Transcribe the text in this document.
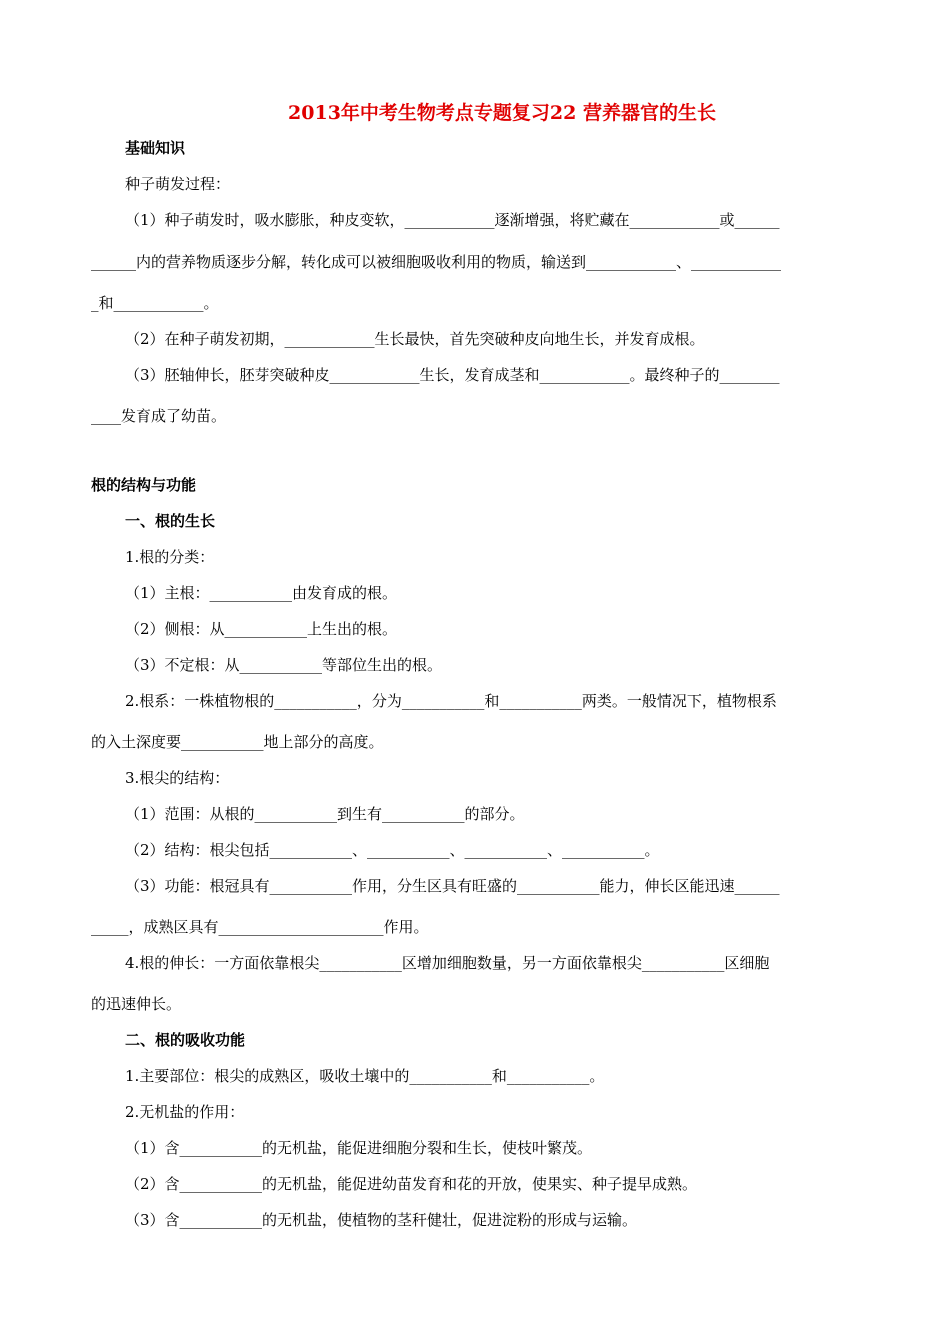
2013年中考生物考点专题复习22 营养器官的生长
基础知识
种子萌发过程：
（1）种子萌发时，吸水膨胀，种皮变软，____________逐渐增强，将贮藏在____________或______
______内的营养物质逐步分解，转化成可以被细胞吸收利用的物质，输送到____________、____________
_和____________。
（2）在种子萌发初期，____________生长最快，首先突破种皮向地生长，并发育成根。
（3）胚轴伸长，胚芽突破种皮____________生长，发育成茎和____________。最终种子的________
____发育成了幼苗。
根的结构与功能
一、根的生长
1.根的分类：
（1）主根：___________由发育成的根。
（2）侧根：从___________上生出的根。
（3）不定根：从___________等部位生出的根。
2.根系：一株植物根的___________，分为___________和___________两类。一般情况下，植物根系
的入土深度要___________地上部分的高度。
3.根尖的结构：
（1）范围：从根的___________到生有___________的部分。
（2）结构：根尖包括___________、___________、___________、___________。
（3）功能：根冠具有___________作用，分生区具有旺盛的___________能力，伸长区能迅速______
_____，成熟区具有______________________作用。
4.根的伸长：一方面依靠根尖___________区增加细胞数量，另一方面依靠根尖___________区细胞
的迅速伸长。
二、根的吸收功能
1.主要部位：根尖的成熟区，吸收土壤中的___________和___________。
2.无机盐的作用：
（1）含___________的无机盐，能促进细胞分裂和生长，使枝叶繁茂。
（2）含___________的无机盐，能促进幼苗发育和花的开放，使果实、种子提早成熟。
（3）含___________的无机盐，使植物的茎秆健壮，促进淀粉的形成与运输。
